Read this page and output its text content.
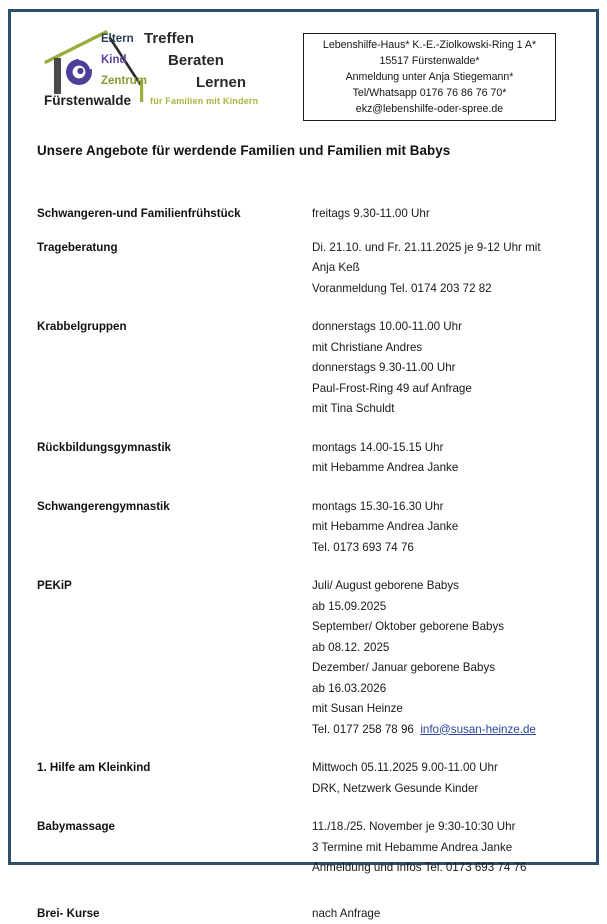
Eltern
Kind
Zentrum
Fürstenwalde
Treffen
Beraten
Lernen
für Familien mit Kindern
Lebenshilfe-Haus* K.-E.-Ziolkowski-Ring 1 A*
15517 Fürstenwalde*
Anmeldung unter Anja Stiegemann*
Tel/Whatsapp 0176 76 86 76 70*
ekz@lebenshilfe-oder-spree.de
Unsere Angebote für werdende Familien und Familien mit Babys
Schwangeren-und Familienfrühstück	freitags 9.30-11.00 Uhr
Trageberatung	Di. 21.10. und Fr. 21.11.2025 je 9-12 Uhr mit
Anja Keß
Voranmeldung Tel. 0174 203 72 82
Krabbelgruppen	donnerstags 10.00-11.00 Uhr
mit Christiane Andres
donnerstags 9.30-11.00 Uhr
Paul-Frost-Ring 49 auf Anfrage
mit Tina Schuldt
Rückbildungsgymnastik	montags 14.00-15.15 Uhr
mit Hebamme Andrea Janke
Schwangerengymnastik	montags 15.30-16.30 Uhr
mit Hebamme Andrea Janke
Tel. 0173 693 74 76
PEKiP	Juli/ August geborene Babys
ab 15.09.2025
September/ Oktober geborene Babys
ab 08.12. 2025
Dezember/ Januar geborene Babys
ab 16.03.2026
mit Susan Heinze
Tel. 0177 258 78 96 info@susan-heinze.de
1. Hilfe am Kleinkind	Mittwoch 05.11.2025 9.00-11.00 Uhr
DRK, Netzwerk Gesunde Kinder
Babymassage	11./18./25. November je 9:30-10:30 Uhr
3 Termine mit Hebamme Andrea Janke
Anmeldung und Infos Tel. 0173 693 74 76
Brei- Kurse	nach Anfrage
